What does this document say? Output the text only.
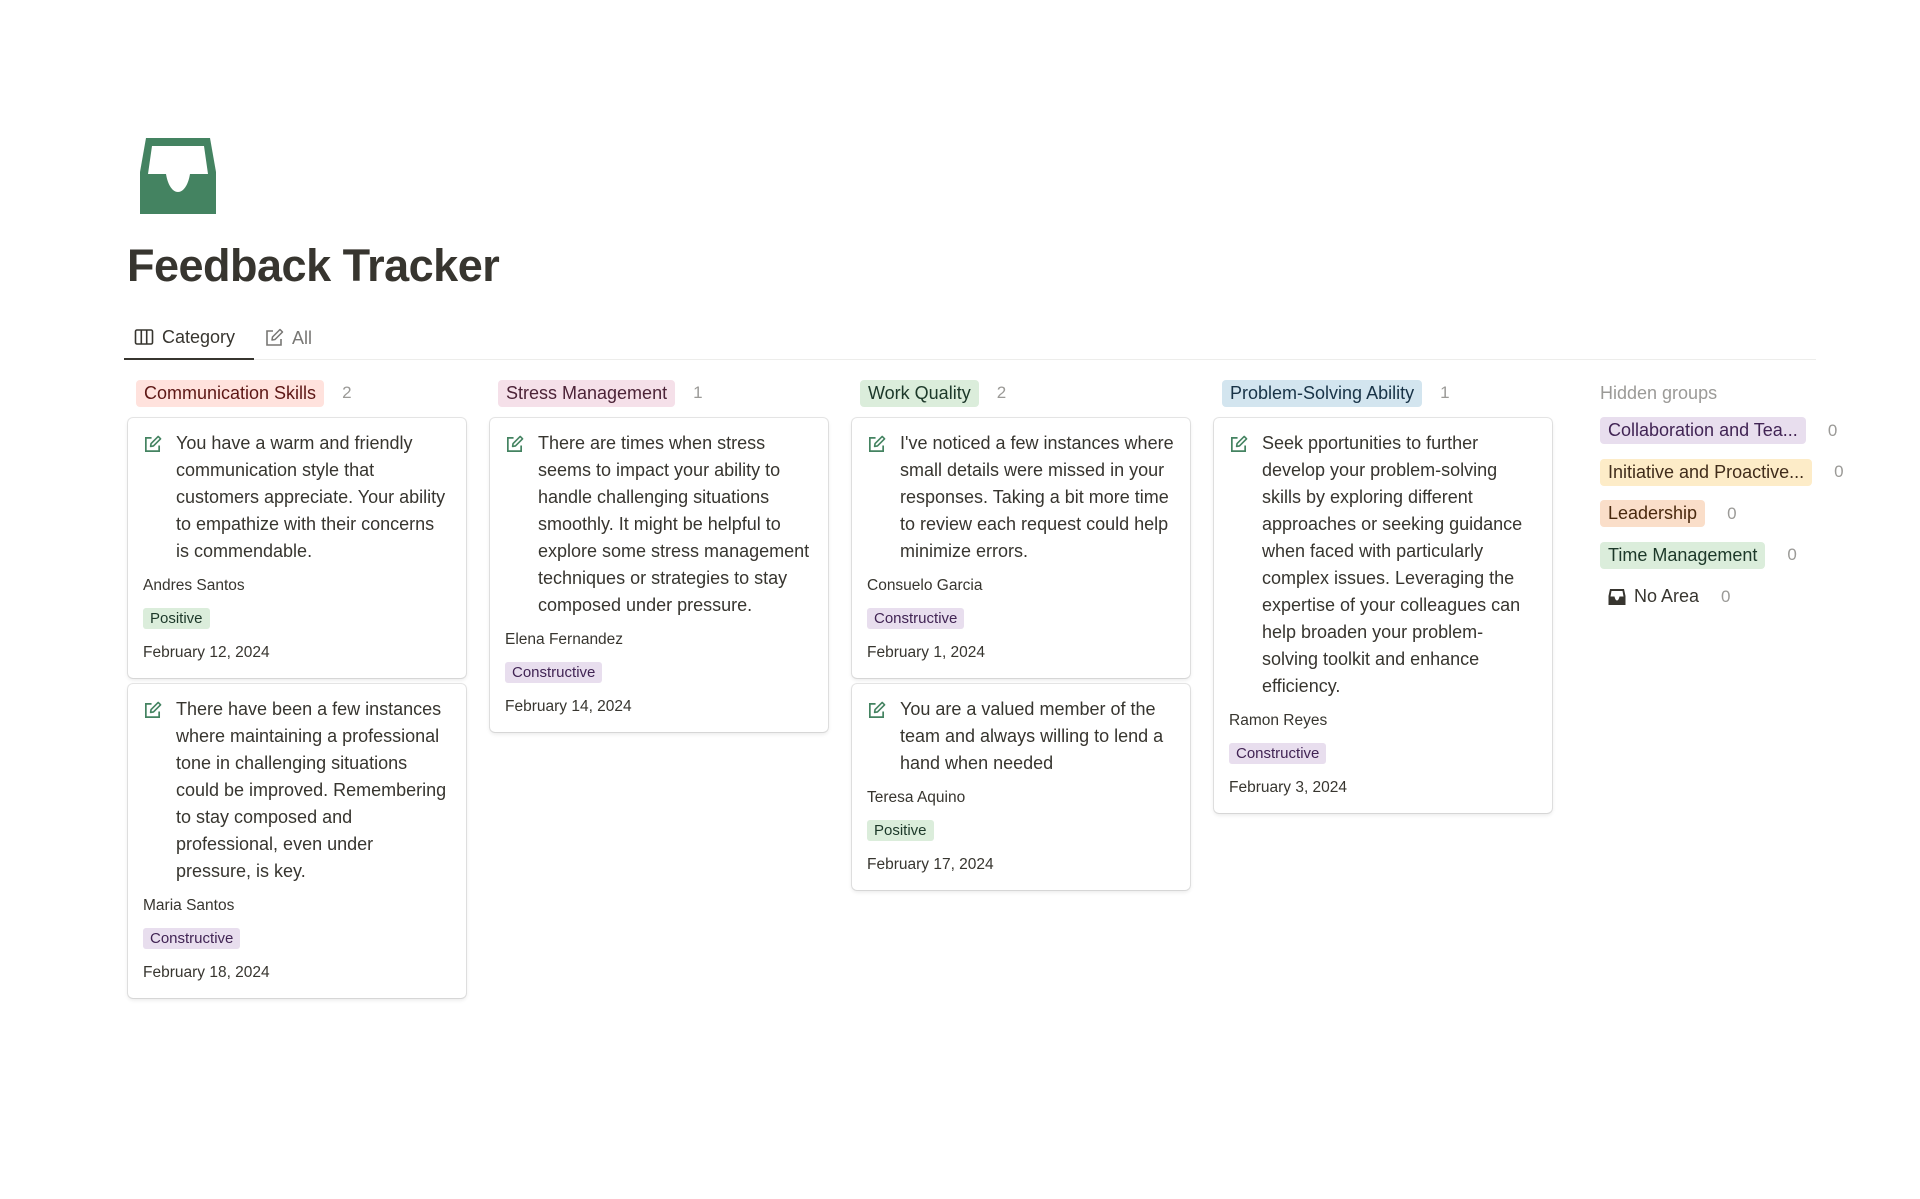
Feedback Tracker
Category	All
Communication Skills	2
You have a warm and friendly communication style that customers appreciate. Your ability to empathize with their concerns is commendable.
Andres Santos
Positive
February 12, 2024
There have been a few instances where maintaining a professional tone in challenging situations could be improved. Remembering to stay composed and professional, even under pressure, is key.
Maria Santos
Constructive
February 18, 2024
Stress Management	1
There are times when stress seems to impact your ability to handle challenging situations smoothly. It might be helpful to explore some stress management techniques or strategies to stay composed under pressure.
Elena Fernandez
Constructive
February 14, 2024
Work Quality	2
I've noticed a few instances where small details were missed in your responses. Taking a bit more time to review each request could help minimize errors.
Consuelo Garcia
Constructive
February 1, 2024
You are a valued member of the team and always willing to lend a hand when needed
Teresa Aquino
Positive
February 17, 2024
Problem-Solving Ability	1
Seek pportunities to further develop your problem-solving skills by exploring different approaches or seeking guidance when faced with particularly complex issues. Leveraging the expertise of your colleagues can help broaden your problem-solving toolkit and enhance efficiency.
Ramon Reyes
Constructive
February 3, 2024
Hidden groups
Collaboration and Tea...	0
Initiative and Proactive...	0
Leadership	0
Time Management	0
No Area 0
